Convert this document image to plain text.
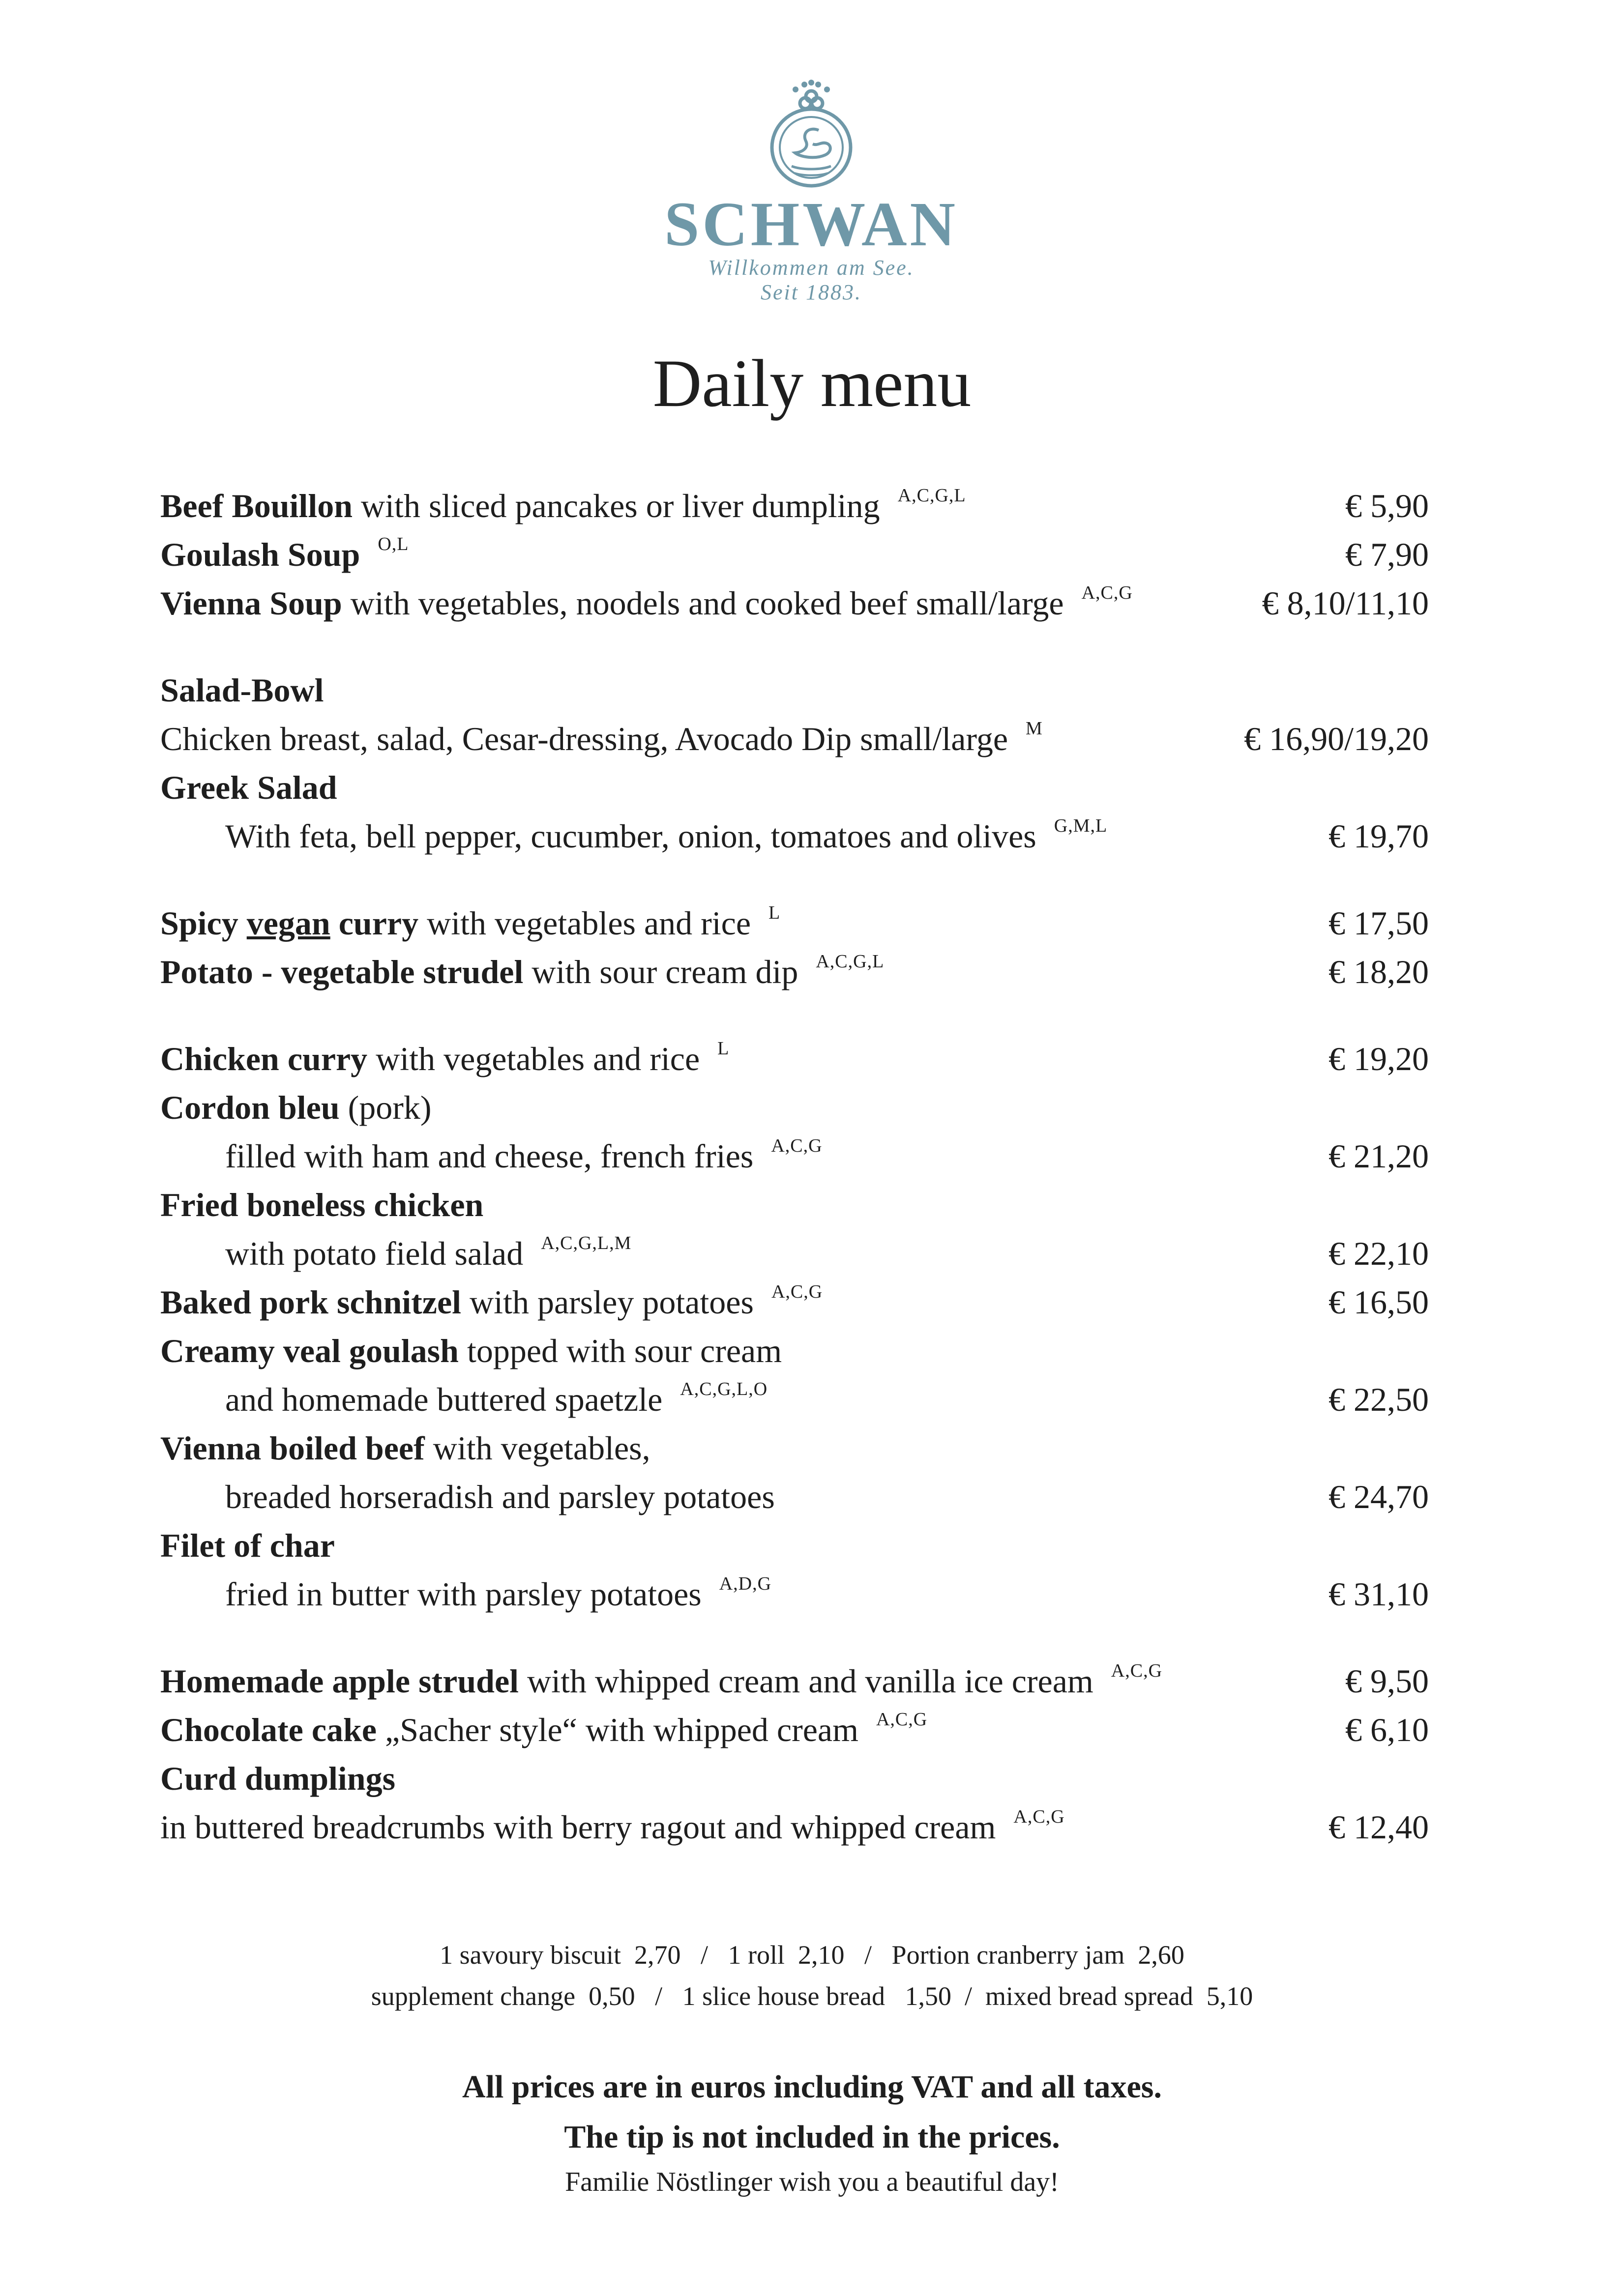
SCHWAN
Willkommen am See.
Seit 1883.
Daily menu
Beef Bouillon with sliced pancakes or liver dumpling $^{A,C,G,L}$	€ 5,90
Goulash Soup $^{O,L}$	€ 7,90
Vienna Soup with vegetables, noodels and cooked beef small/large $^{A,C,G}$	€ 8,10/11,10
Salad-Bowl
Chicken breast, salad, Cesar-dressing, Avocado Dip small/large $^M$	€ 16,90/19,20
Greek Salad
With feta, bell pepper, cucumber, onion, tomatoes and olives $^{G,M,L}$	€ 19,70
Spicy vegan curry with vegetables and rice $^L$	€ 17,50
Potato - vegetable strudel with sour cream dip $^{A,C,G,L}$	€ 18,20
Chicken curry with vegetables and rice $^L$	€ 19,20
Cordon bleu (pork)
filled with ham and cheese, french fries $^{A,C,G}$	€ 21,20
Fried boneless chicken
with potato field salad $^{A,C,G,L,M}$	€ 22,10
Baked pork schnitzel with parsley potatoes $^{A,C,G}$	€ 16,50
Creamy veal goulash topped with sour cream
and homemade buttered spaetzle $^{A,C,G,L,O}$	€ 22,50
Vienna boiled beef with vegetables,
breaded horseradish and parsley potatoes	€ 24,70
Filet of char
fried in butter with parsley potatoes $^{A,D,G}$	€ 31,10
Homemade apple strudel with whipped cream and vanilla ice cream $^{A,C,G}$	€ 9,50
Chocolate cake „Sacher style“ with whipped cream $^{A,C,G}$	€ 6,10
Curd dumplings
in buttered breadcrumbs with berry ragout and whipped cream $^{A,C,G}$	€ 12,40
1 savoury biscuit  2,70   /   1 roll  2,10   /   Portion cranberry jam  2,60
supplement change  0,50   /   1 slice house bread   1,50  /  mixed bread spread  5,10
All prices are in euros including VAT and all taxes.
The tip is not included in the prices.
Familie Nöstlinger wish you a beautiful day!
